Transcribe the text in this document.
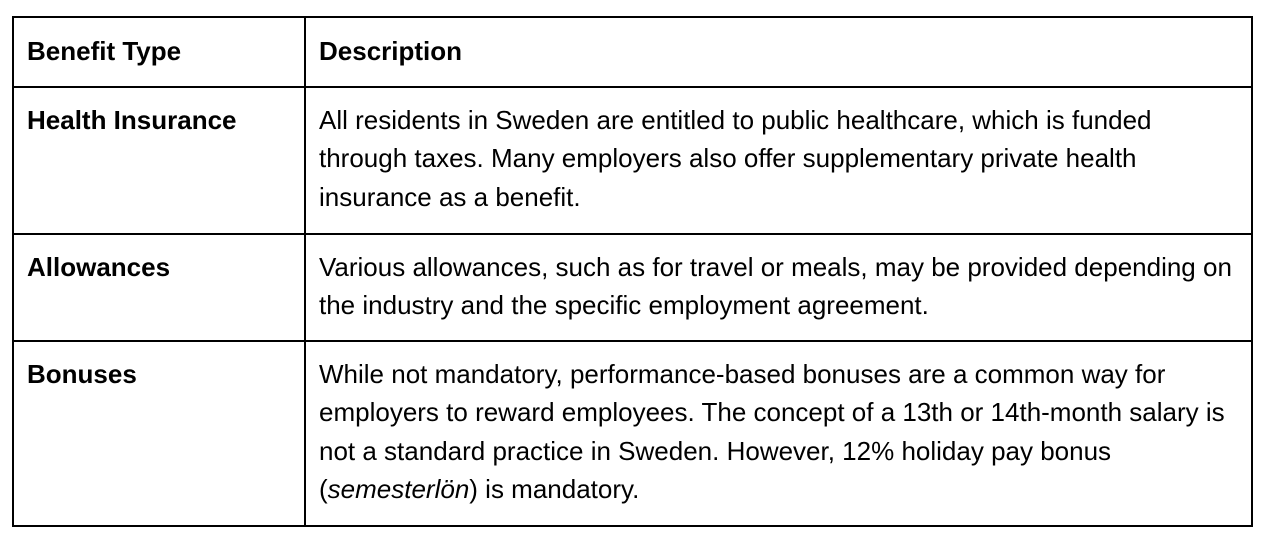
Benefit Type	Description
Health Insurance	All residents in Sweden are entitled to public healthcare, which is funded through taxes. Many employers also offer supplementary private health insurance as a benefit.
Allowances	Various allowances, such as for travel or meals, may be provided depending on the industry and the specific employment agreement.
Bonuses	While not mandatory, performance-based bonuses are a common way for employers to reward employees. The concept of a 13th or 14th-month salary is not a standard practice in Sweden. However, 12% holiday pay bonus (semesterlön) is mandatory.
